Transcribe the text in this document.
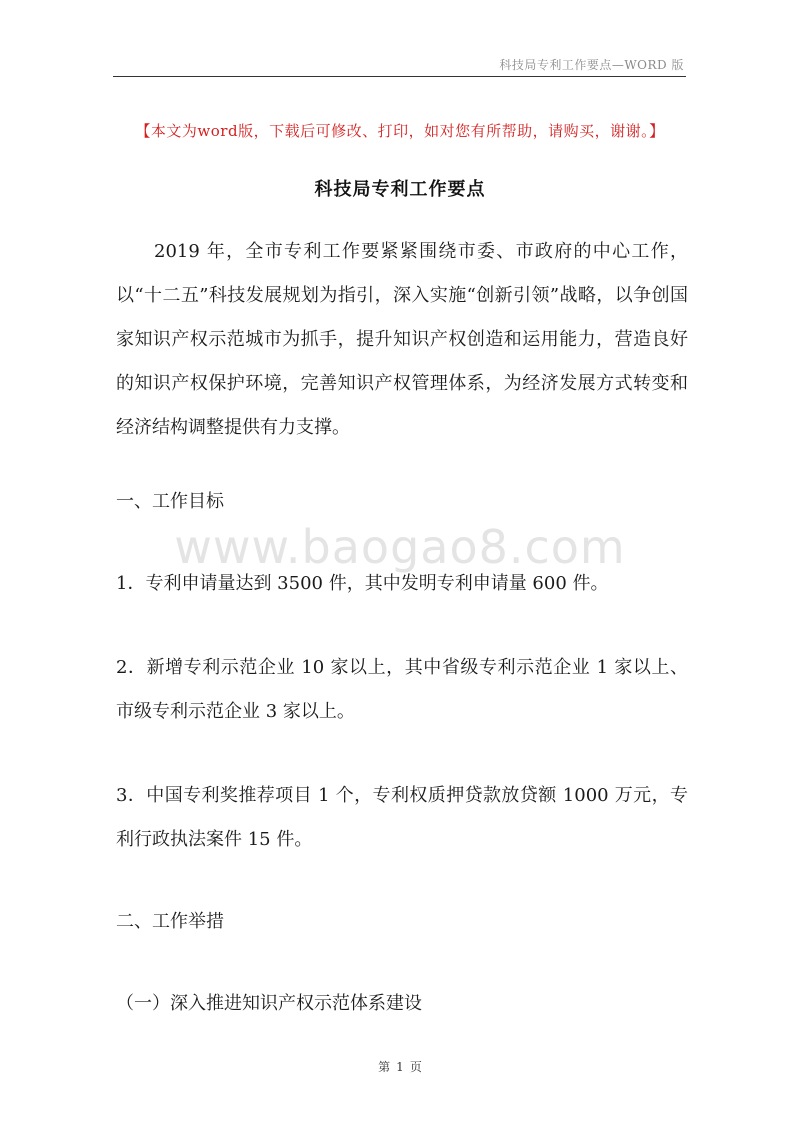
科技局专利工作要点—WORD 版
【本文为word版，下载后可修改、打印，如对您有所帮助，请购买，谢谢。】
科技局专利工作要点
2019 年，全市专利工作要紧紧围绕市委、市政府的中心工作，以“十二五”科技发展规划为指引，深入实施“创新引领”战略，以争创国家知识产权示范城市为抓手，提升知识产权创造和运用能力，营造良好的知识产权保护环境，完善知识产权管理体系，为经济发展方式转变和经济结构调整提供有力支撑。
一、工作目标
www.baogao8.com
1．专利申请量达到 3500 件，其中发明专利申请量 600 件。
2．新增专利示范企业 10 家以上，其中省级专利示范企业 1 家以上、市级专利示范企业 3 家以上。
3．中国专利奖推荐项目 1 个，专利权质押贷款放贷额 1000 万元，专利行政执法案件 15 件。
二、工作举措
（一）深入推进知识产权示范体系建设
第 1 页
